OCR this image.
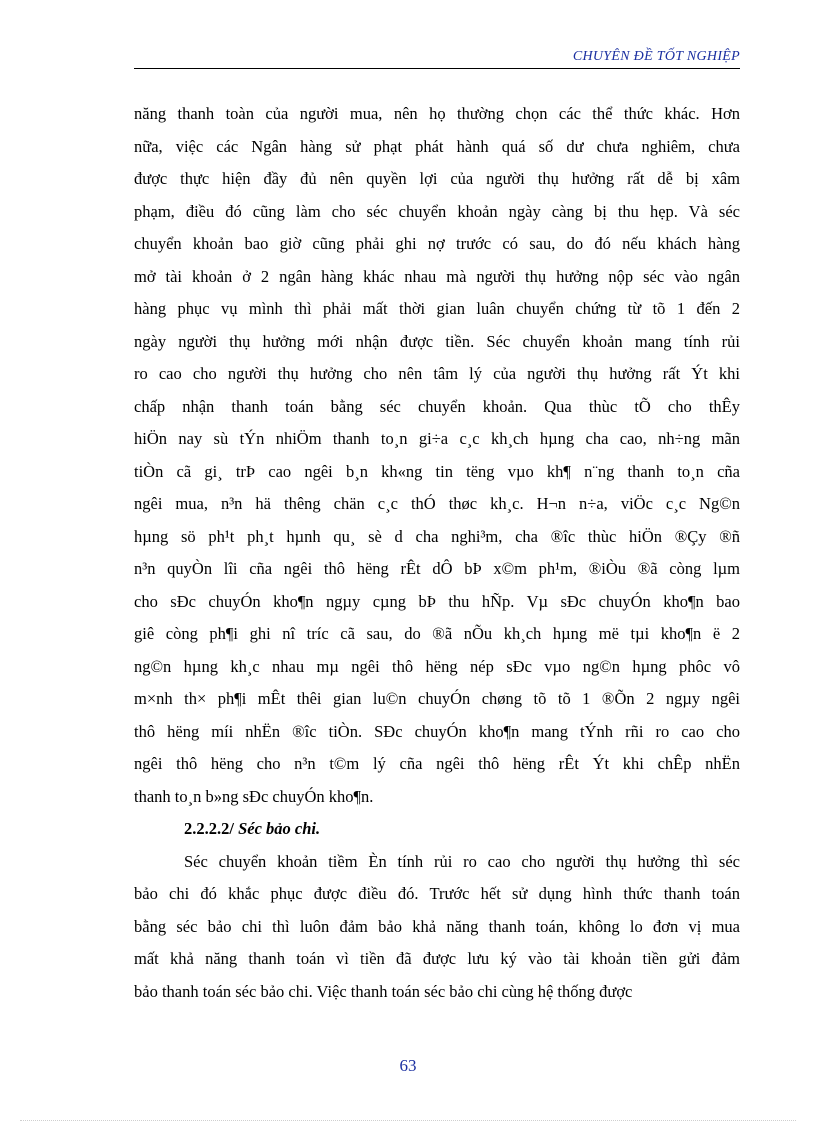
CHUYÊN ĐỀ TỐT NGHIỆP

năng thanh toàn của người mua, nên họ thường chọn các thể thức khác. Hơn
nữa, việc các Ngân hàng sử phạt phát hành quá số dư chưa nghiêm, chưa
được thực hiện đầy đủ nên quyền lợi của người thụ hưởng rất dễ bị xâm
phạm, điều đó cũng làm cho séc chuyển khoản ngày càng bị thu hẹp. Và séc
chuyển khoản bao giờ cũng phải ghi nợ trước có sau, do đó nếu khách hàng
mở tài khoản ở 2 ngân hàng khác nhau mà người thụ hưởng nộp séc vào ngân
hàng phục vụ mình thì phải mất thời gian luân chuyển chứng từ tõ 1 đến 2
ngày người thụ hưởng mới nhận được tiền. Séc chuyển khoản mang tính rủi
ro cao cho người thụ hưởng cho nên tâm lý của người thụ hưởng rất Ýt khi
chấp nhận thanh toán bằng séc chuyển khoản. Qua thùc tÕ cho thÊy
hiÖn nay sù tÝn nhiÖm thanh to¸n gi÷a c¸c kh¸ch hµng cha cao, nh÷ng mãn
tiÒn cã gi¸ trÞ cao ngêi b¸n kh«ng tin tëng vµo kh¶ n¨ng thanh to¸n cña
ngêi mua, n³n hä thêng chän c¸c thÓ thøc kh¸c. H¬n n÷a, viÖc c¸c Ng©n
hµng sö ph¹t ph¸t hµnh qu¸ sè d cha nghi³m, cha ®îc thùc hiÖn ®Çy ®ñ
n³n quyÒn lîi cña ngêi thô hëng rÊt dÔ bÞ x©m ph¹m, ®iÒu ®ã còng lµm
cho sÐc chuyÓn kho¶n ngµy cµng bÞ thu hÑp. Vµ sÐc chuyÓn kho¶n bao
giê còng ph¶i ghi nî tríc cã sau, do ®ã nÕu kh¸ch hµng më tµi kho¶n ë 2
ng©n hµng kh¸c nhau mµ ngêi thô hëng nép sÐc vµo ng©n hµng phôc vô
m×nh th× ph¶i mÊt thêi gian lu©n chuyÓn chøng tõ tõ 1 ®Õn 2 ngµy ngêi
thô hëng míi nhËn ®îc tiÒn. SÐc chuyÓn kho¶n mang tÝnh rñi ro cao cho
ngêi thô hëng cho n³n t©m lý cña ngêi thô hëng rÊt Ýt khi chÊp nhËn
thanh to¸n b»ng sÐc chuyÓn kho¶n.

2.2.2.2/ Séc bảo chi.

Séc chuyển khoản tiềm Èn tính rủi ro cao cho người thụ hưởng thì séc
bảo chi đó khắc phục được điều đó. Trước hết sử dụng hình thức thanh toán
bằng séc bảo chi thì luôn đảm bảo khả năng thanh toán, không lo đơn vị mua
mất khả năng thanh toán vì tiền đã được lưu ký vào tài khoản tiền gửi đảm
bảo thanh toán séc bảo chi. Việc thanh toán séc bảo chi cùng hệ thống được

63
